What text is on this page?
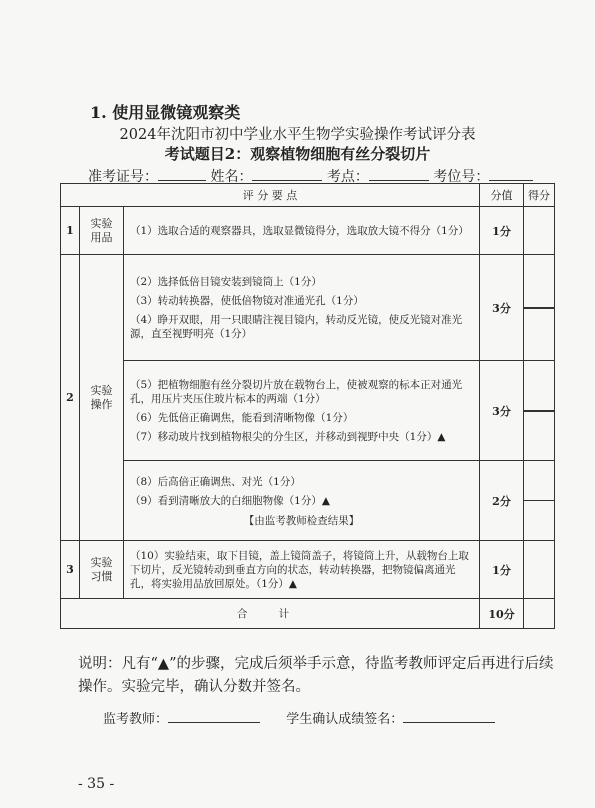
1. 使用显微镜观察类
2024年沈阳市初中学业水平生物学实验操作考试评分表
考试题目2：观察植物细胞有丝分裂切片
准考证号：	姓名：	考点：	考位号：
评 分 要 点			分值	得分
1	实验用品	（1）选取合适的观察器具，选取显微镜得分，选取放大镜不得分（1分）	1分	
2	实验操作	（2）选择低倍目镜安装到镜筒上（1分）
（3）转动转换器，使低倍物镜对准通光孔（1分）
（4）睁开双眼，用一只眼睛注视目镜内，转动反光镜，使反光镜对准光源，直至视野明亮（1分）	3分	

		（5）把植物细胞有丝分裂切片放在载物台上，使被观察的标本正对通光孔，用压片夹压住玻片标本的两端（1分）
（6）先低倍正确调焦，能看到清晰物像（1分）
（7）移动玻片找到植物根尖的分生区，并移动到视野中央（1分）▲	3分	

		（8）后高倍正确调焦、对光（1分）
（9）看到清晰放大的白细胞物像（1分）▲
【由监考教师检查结果】	2分	

3	实验习惯	（10）实验结束，取下目镜，盖上镜筒盖子，将镜筒上升，从载物台上取下切片，反光镜转动到垂直方向的状态，转动转换器，把物镜偏离通光孔，将实验用品放回原处。（1分）▲	1分	
合 计			10分	
说明：凡有“▲”的步骤，完成后须举手示意，待监考教师评定后再进行后续操作。实验完毕，确认分数并签名。
监考教师：	学生确认成绩签名：
- 35 -
